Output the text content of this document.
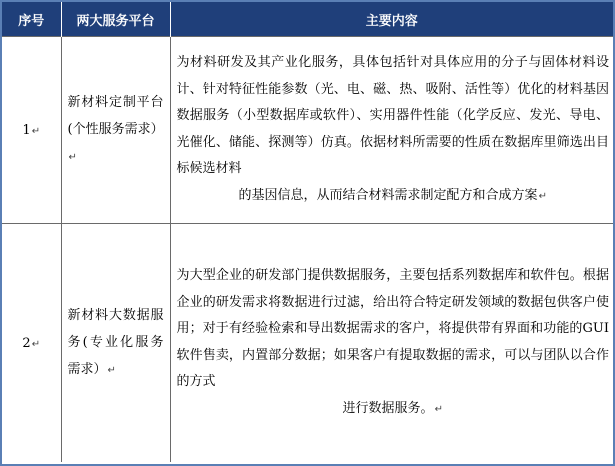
序号	两大服务平台	主要内容
1↵	新材料定制平台(个性服务需求）↵	为材料研发及其产业化服务，具体包括针对具体应用的分子与固体材料设计、针对特征性能参数（光、电、磁、热、吸附、活性等）优化的材料基因数据服务（小型数据库或软件）、实用器件性能（化学反应、发光、导电、光催化、储能、探测等）仿真。依据材料所需要的性质在数据库里筛选出目标候选材料
的基因信息，从而结合材料需求制定配方和合成方案↵

2↵	新材料大数据服务(专业化服务需求）↵	为大型企业的研发部门提供数据服务，主要包括系列数据库和软件包。根据企业的研发需求将数据进行过滤，给出符合特定研发领域的数据包供客户使用；对于有经验检索和导出数据需求的客户，将提供带有界面和功能的GUI软件售卖，内置部分数据；如果客户有提取数据的需求，可以与团队以合作的方式
进行数据服务。↵
